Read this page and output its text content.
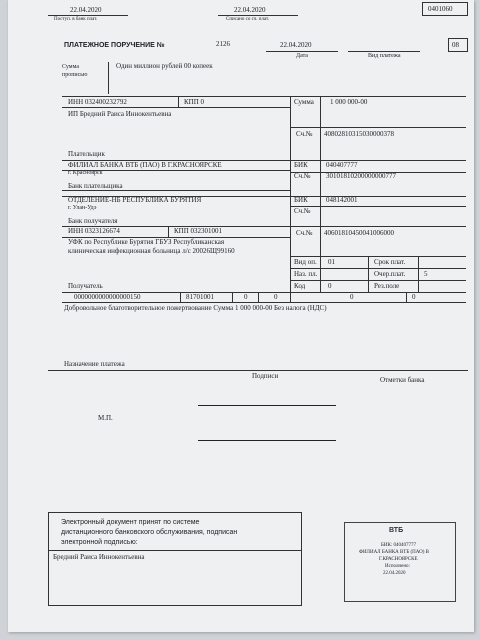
22.04.2020
Поступ. в банк плат.
22.04.2020
Списано со сч. плат.
0401060
ПЛАТЕЖНОЕ ПОРУЧЕНИЕ №	2126	22.04.2020
Дата	Вид платежа
08
Сумма
прописью
Один миллион рублей 00 копеек
ИНН 032400232792	КПП 0	Сумма 1 000 000-00
ИП Бредний Раиса Иннокентьевна
Сч.№ 40802810315030000378
Плательщик
ФИЛИАЛ БАНКА ВТБ (ПАО) В Г.КРАСНОЯРСКЕ
г. Красноярск
Банк плательщика
БИК	040407777
Сч.№ 30101810200000000777
ОТДЕЛЕНИЕ-НБ РЕСПУБЛИКА БУРЯТИЯ
г. Улан-Удэ
Банк получателя
БИК	048142001
Сч.№
ИНН 0323126674	КПП 032301001	Сч.№ 40601810450041006000
УФК по Республике Бурятия ГБУЗ Республиканская
клиническая инфекционная больница л/с 20026Щ99160
Получатель
Вид оп. 01	Срок плат.
Наз. пл.	Очер.плат.	5
Код	0	Рез.поле
0000000000000000150	81701001	0	0	0	0
Добровольное благотворительное пожертвование Сумма 1 000 000-00 Без налога (НДС)
Назначение платежа
Подписи	Отметки банка
М.П.
Электронный документ принят по системе
дистанционного банковского обслуживания, подписан
электронной подписью:
Бредний Раиса Иннокентьевна
ВТБ
БИК: 040407777
ФИЛИАЛ БАНКА ВТБ (ПАО) В
Г.КРАСНОЯРСКЕ
Исполнено:
22.04.2020
